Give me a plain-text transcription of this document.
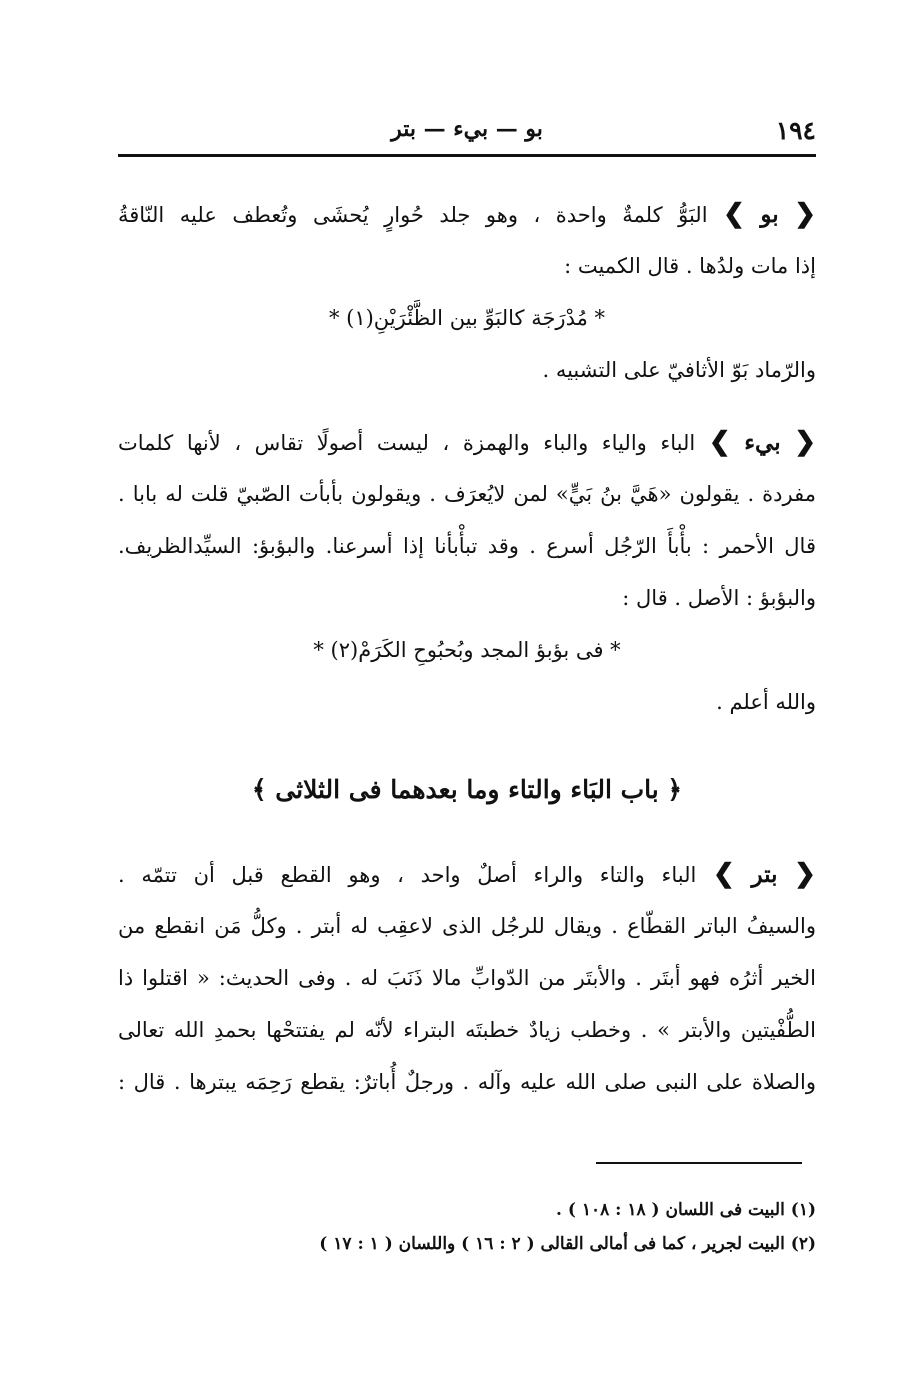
١٩٤
بو — بيء — بتر
❮ بو ❯ البَوُّ كلمةٌ واحدة ، وهو جلد حُوارٍ يُحشَى وتُعطف عليه النّاقةُ
إذا مات ولدُها . قال الكميت :
* مُدْرَجَة كالبَوِّ بين الظَّئْرَيْنِ(١) *
والرّماد بَوّ الأثافيّ على التشبيه .
❮ بيء ❯ الباء والياء والباء والهمزة ، ليست أصولًا تقاس ، لأنها كلمات
مفردة . يقولون «هَيَّ بنُ بَيٍّ» لمن لايُعرَف . ويقولون بأبأت الصّبيّ قلت له بابا .
قال الأحمر : بأْبأَ الرّجُل أسرع . وقد تبأْبأنا إذا أسرعنا. والبؤبؤ: السيِّدالظريف.
والبؤبؤ : الأصل . قال :
* فى بؤبؤ المجد وبُحبُوحِ الكَرَمْ(٢) *
والله أعلم .
﴿ باب البَاء والتاء وما بعدهما فى الثلاثى ﴾
❮ بتر ❯ الباء والتاء والراء أصلٌ واحد ، وهو القطع قبل أن تتمّه .
والسيفُ الباتر القطّاع . ويقال للرجُل الذى لاعقِب له أبتر . وكلُّ مَن انقطع من
الخير أثرُه فهو أبتَر . والأبتَر من الدّوابِّ مالا ذَنَبَ له . وفى الحديث: « اقتلوا ذا
الطُّفْيتين والأبتر » . وخطب زيادٌ خطبتَه البتراء لأنّه لم يفتتحْها بحمدِ الله تعالى
والصلاة على النبى صلى الله عليه وآله . ورجلٌ أُباترٌ: يقطع رَحِمَه يبترها . قال :
(١) البيت فى اللسان ( ١٨ : ١٠٨ ) .
(٢) البيت لجرير ، كما فى أمالى القالى ( ٢ : ١٦ ) واللسان ( ١ : ١٧ )
